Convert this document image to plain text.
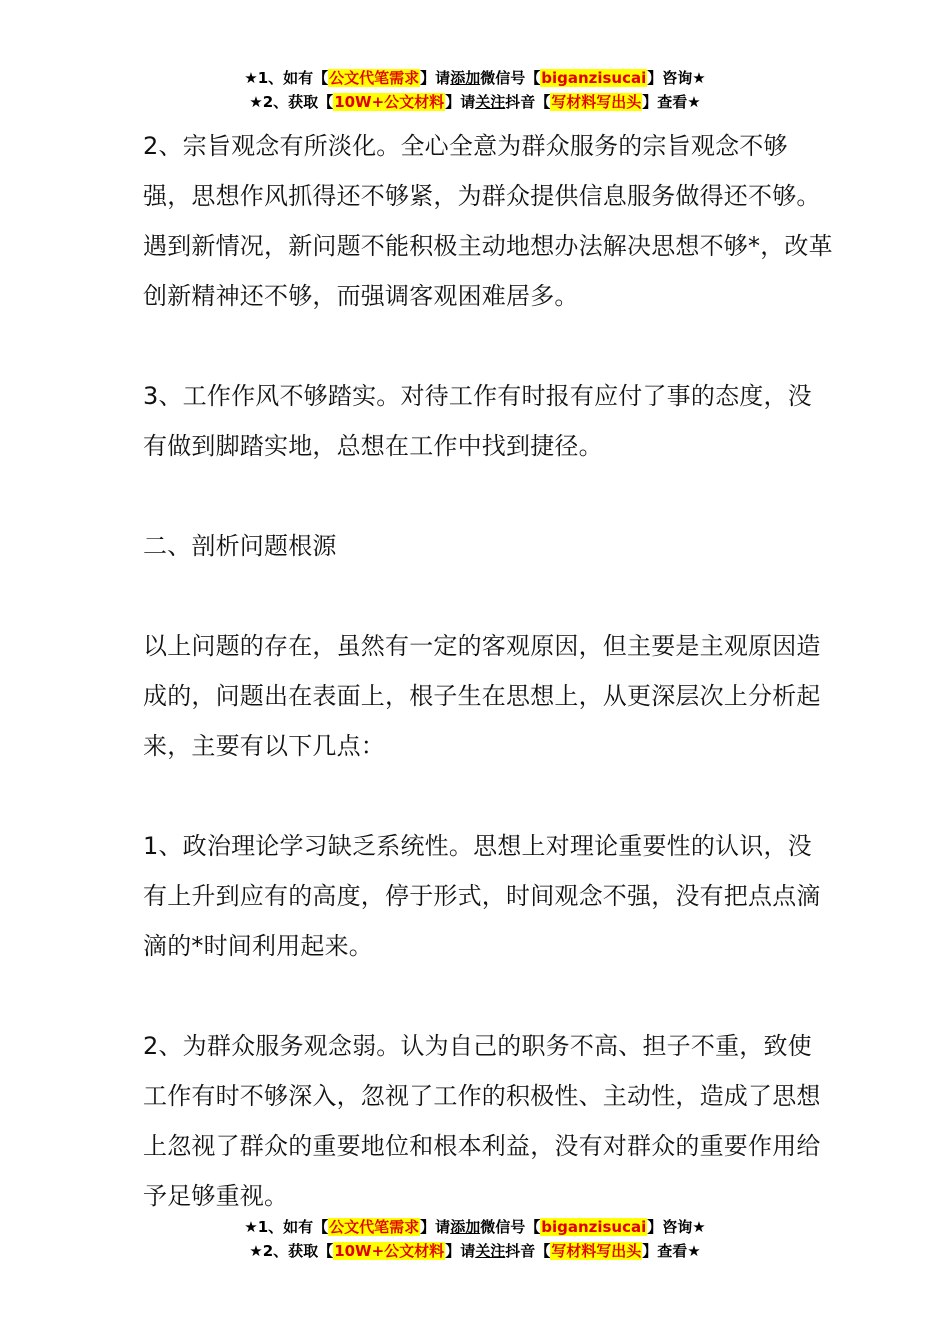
★1、如有【公文代笔需求】请添加微信号【biganzisucai】咨询★
★2、获取【10W+公文材料】请关注抖音【写材料写出头】查看★

2、宗旨观念有所淡化。全心全意为群众服务的宗旨观念不够强，思想作风抓得还不够紧，为群众提供信息服务做得还不够。遇到新情况，新问题不能积极主动地想办法解决思想不够*，改革创新精神还不够，而强调客观困难居多。

3、工作作风不够踏实。对待工作有时报有应付了事的态度，没有做到脚踏实地，总想在工作中找到捷径。

二、剖析问题根源

以上问题的存在，虽然有一定的客观原因，但主要是主观原因造成的，问题出在表面上，根子生在思想上，从更深层次上分析起来，主要有以下几点：

1、政治理论学习缺乏系统性。思想上对理论重要性的认识，没有上升到应有的高度，停于形式，时间观念不强，没有把点点滴滴的*时间利用起来。

2、为群众服务观念弱。认为自己的职务不高、担子不重，致使工作有时不够深入，忽视了工作的积极性、主动性，造成了思想上忽视了群众的重要地位和根本利益，没有对群众的重要作用给予足够重视。

★1、如有【公文代笔需求】请添加微信号【biganzisucai】咨询★
★2、获取【10W+公文材料】请关注抖音【写材料写出头】查看★
